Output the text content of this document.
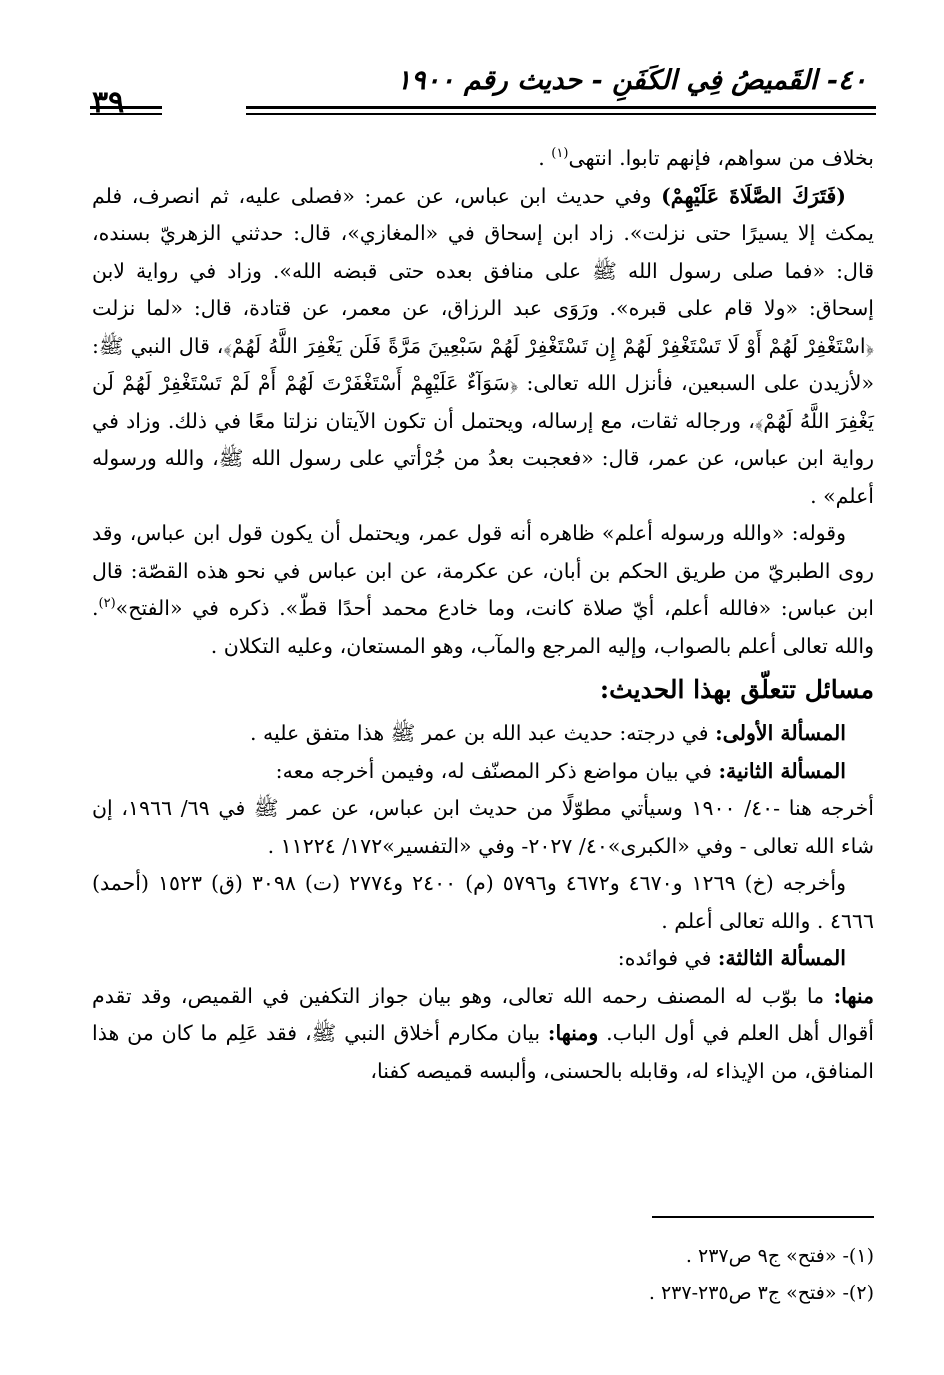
٤٠- القَميصُ فِي الكَفَنِ - حديث رقم ١٩٠٠
٣٩

بخلاف من سواهم، فإنهم تابوا. انتهى$^{(١)}$ .

(فَتَرَكَ الصَّلَاةَ عَلَيْهِمْ) وفي حديث ابن عباس، عن عمر: «فصلى عليه، ثم انصرف، فلم يمكث إلا يسيرًا حتى نزلت». زاد ابن إسحاق في «المغازي»، قال: حدثني الزهريّ بسنده، قال: «فما صلى رسول الله ﷺ على منافق بعده حتى قبضه الله». وزاد في رواية لابن إسحاق: «ولا قام على قبره». ورَوَى عبد الرزاق، عن معمر، عن قتادة، قال: «لما نزلت ﴿اسْتَغْفِرْ لَهُمْ أَوْ لَا تَسْتَغْفِرْ لَهُمْ إِن تَسْتَغْفِرْ لَهُمْ سَبْعِينَ مَرَّةً فَلَن يَغْفِرَ اللَّهُ لَهُمْ﴾، قال النبي ﷺ: «لأزيدن على السبعين، فأنزل الله تعالى: ﴿سَوَآءٌ عَلَيْهِمْ أَسْتَغْفَرْتَ لَهُمْ أَمْ لَمْ تَسْتَغْفِرْ لَهُمْ لَن يَغْفِرَ اللَّهُ لَهُمْ﴾، ورجاله ثقات، مع إرساله، ويحتمل أن تكون الآيتان نزلتا معًا في ذلك. وزاد في رواية ابن عباس، عن عمر، قال: «فعجبت بعدُ من جُرْأتي على رسول الله ﷺ، والله ورسوله أعلم» .

وقوله: «والله ورسوله أعلم» ظاهره أنه قول عمر، ويحتمل أن يكون قول ابن عباس، وقد روى الطبريّ من طريق الحكم بن أبان، عن عكرمة، عن ابن عباس في نحو هذه القصّة: قال ابن عباس: «فالله أعلم، أيّ صلاة كانت، وما خادع محمد أحدًا قطّ». ذكره في «الفتح»$^{(٢)}$. والله تعالى أعلم بالصواب، وإليه المرجع والمآب، وهو المستعان، وعليه التكلان .

مسائل تتعلّق بهذا الحديث:

المسألة الأولى: في درجته: حديث عبد الله بن عمر ﷺ هذا متفق عليه .

المسألة الثانية: في بيان مواضع ذكر المصنّف له، وفيمن أخرجه معه:

أخرجه هنا -٤٠/ ١٩٠٠ وسيأتي مطوّلًا من حديث ابن عباس، عن عمر ﷺ في ٦٩/ ١٩٦٦، إن شاء الله تعالى - وفي «الكبرى»٤٠/ ٢٠٢٧- وفي «التفسير»١٧٢/ ١١٢٢٤ .

وأخرجه (خ) ١٢٦٩ و٤٦٧٠ و٤٦٧٢ و٥٧٩٦ (م) ٢٤٠٠ و٢٧٧٤ (ت) ٣٠٩٨ (ق) ١٥٢٣ (أحمد) ٤٦٦٦ . والله تعالى أعلم .

المسألة الثالثة: في فوائده:

منها: ما بوّب له المصنف رحمه الله تعالى، وهو بيان جواز التكفين في القميص، وقد تقدم أقوال أهل العلم في أول الباب. ومنها: بيان مكارم أخلاق النبي ﷺ، فقد عَلِم ما كان من هذا المنافق، من الإيذاء له، وقابله بالحسنى، وألبسه قميصه كفنا،

(١)- «فتح» ج٩ ص٢٣٧ .

(٢)- «فتح» ج٣ ص٢٣٥-٢٣٧ .
